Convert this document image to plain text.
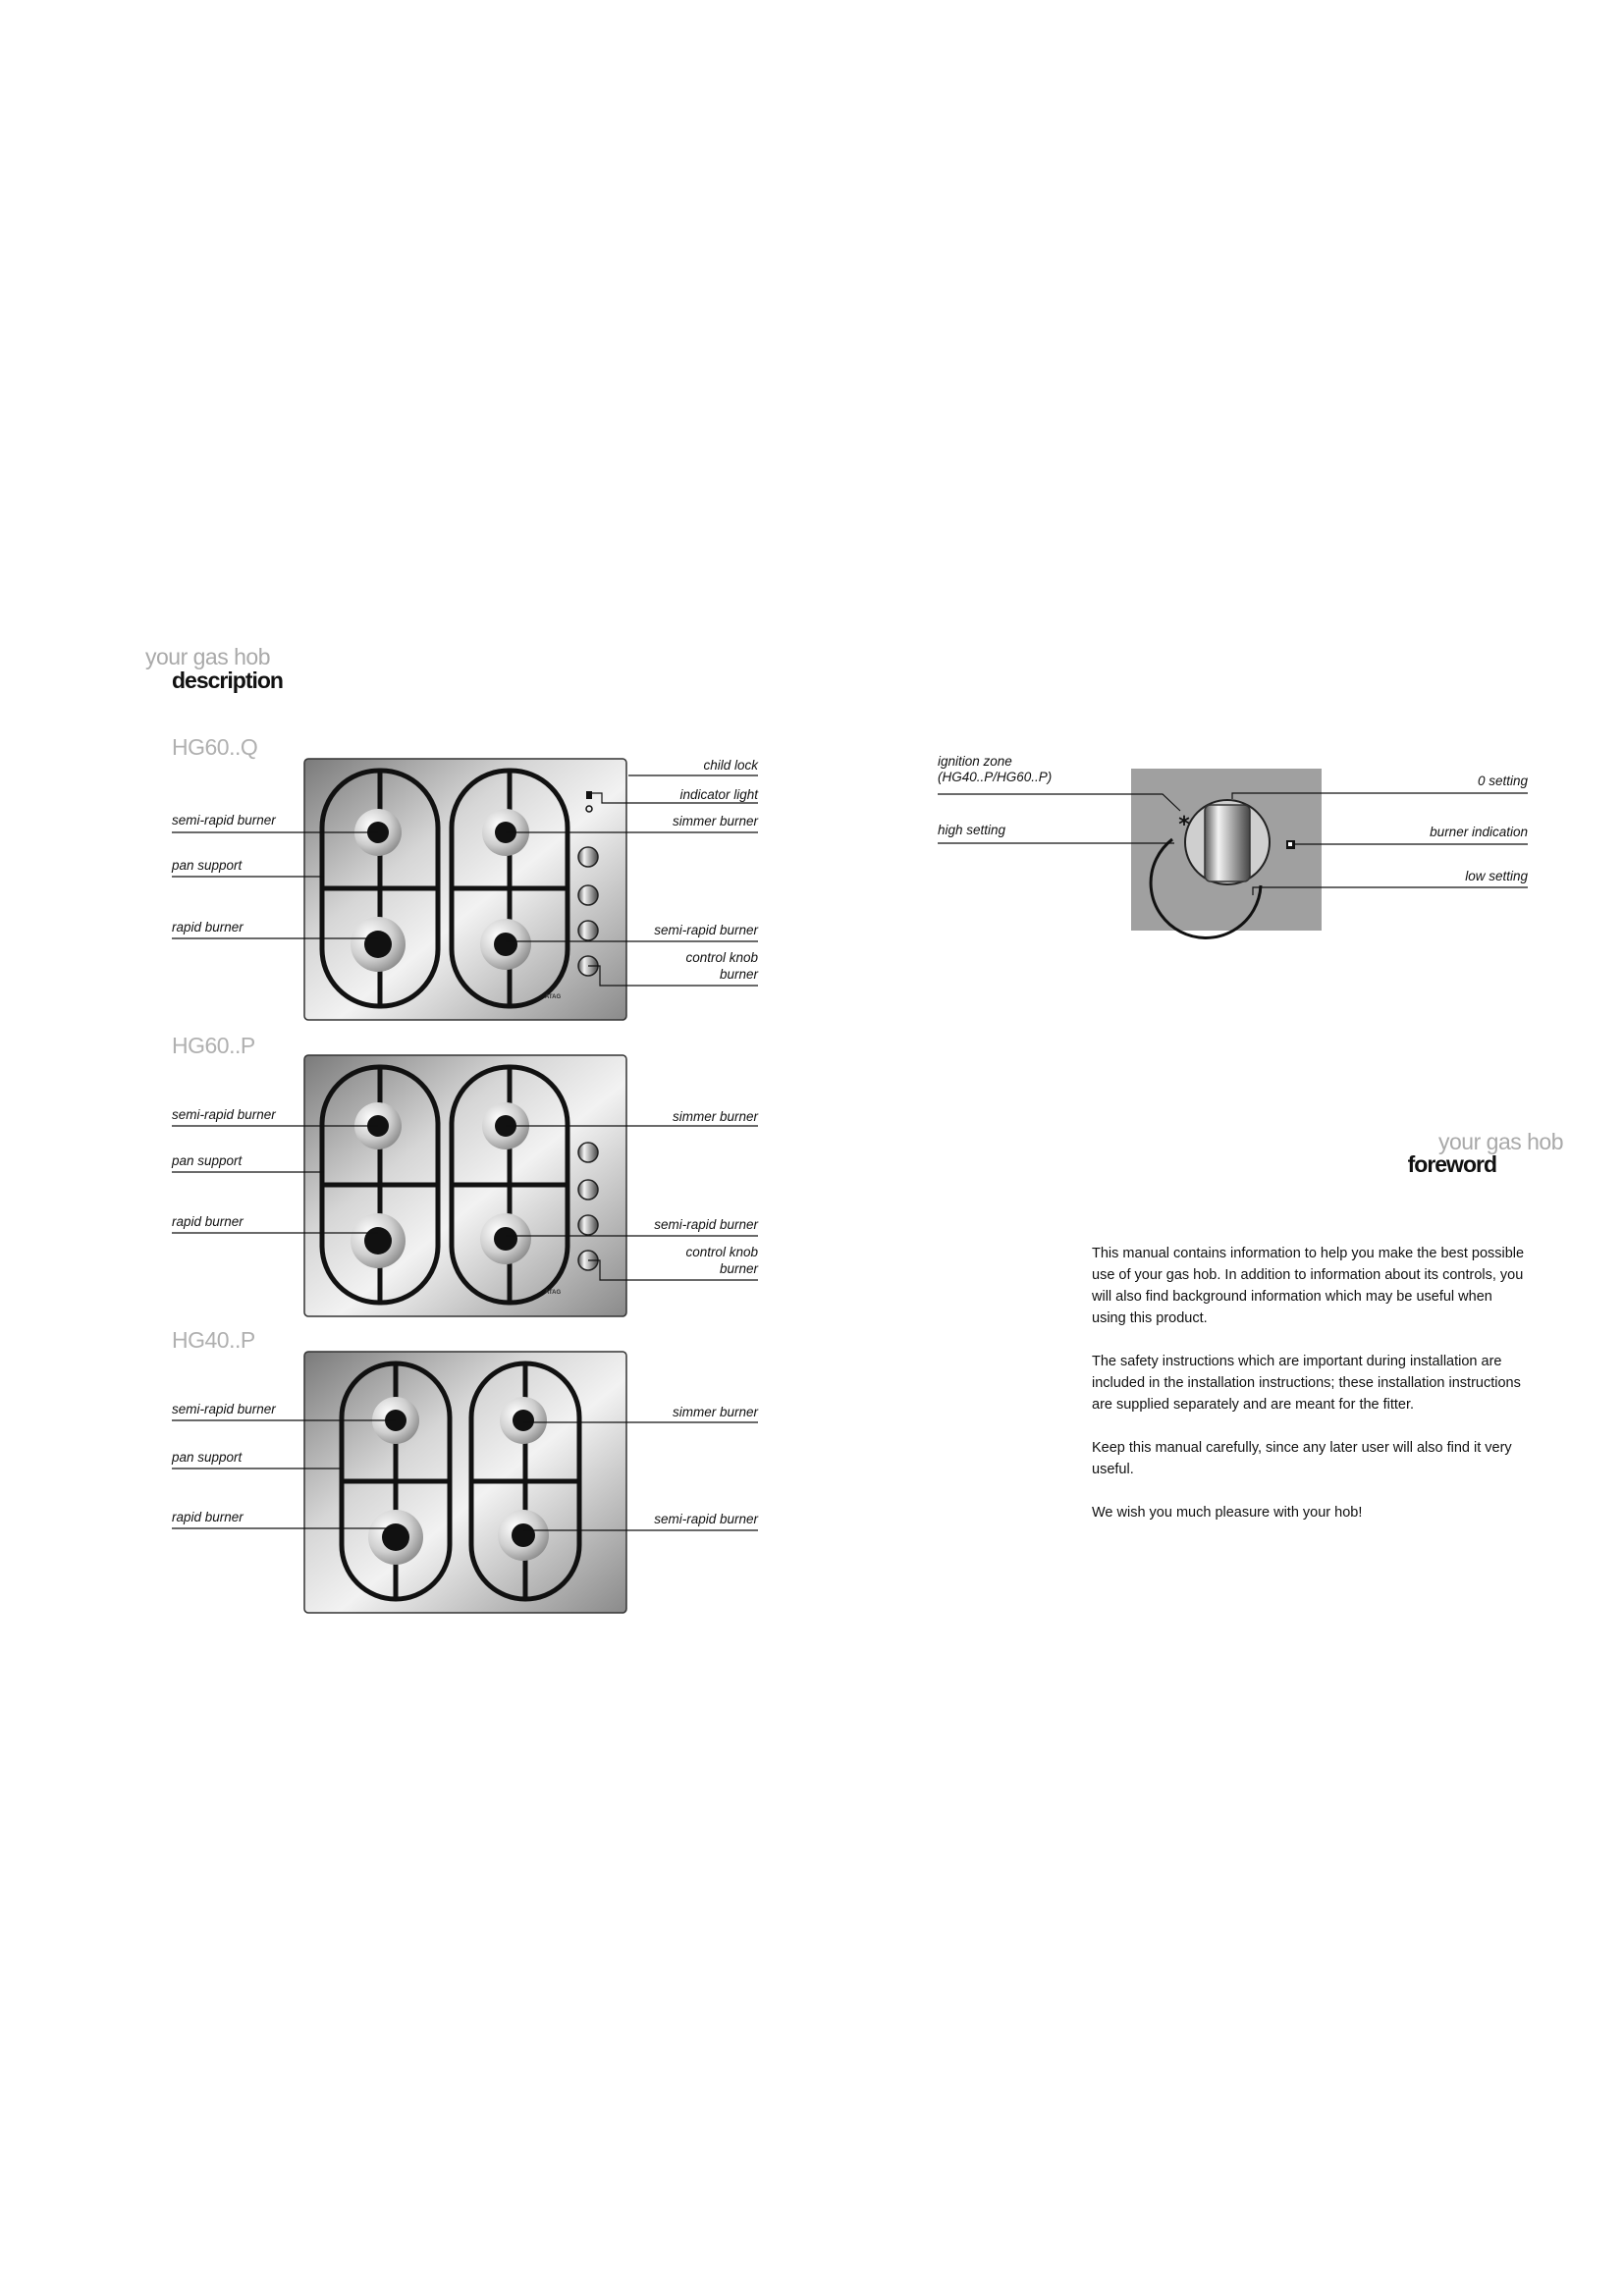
your gas hob
description
HG60..Q
ATAG
semi-rapid burner
pan support
rapid burner
child lock
indicator light
simmer burner
semi-rapid burner
control knob
burner
HG60..P
ATAG
semi-rapid burner
pan support
rapid burner
simmer burner
semi-rapid burner
control knob
burner
HG40..P
semi-rapid burner
pan support
rapid burner
simmer burner
semi-rapid burner
*
ignition zone
(HG40..P/HG60..P)
high setting
0 setting
burner indication
low setting
your gas hob
foreword

This manual contains information to help you make the best possible use of your gas hob. In addition to information about its controls, you will also find background information which may be useful when using this product.

The safety instructions which are important during installation are included in the installation instructions; these installation instructions are supplied separately and are meant for the fitter.

Keep this manual carefully, since any later user will also find it very useful.

We wish you much pleasure with your hob!
